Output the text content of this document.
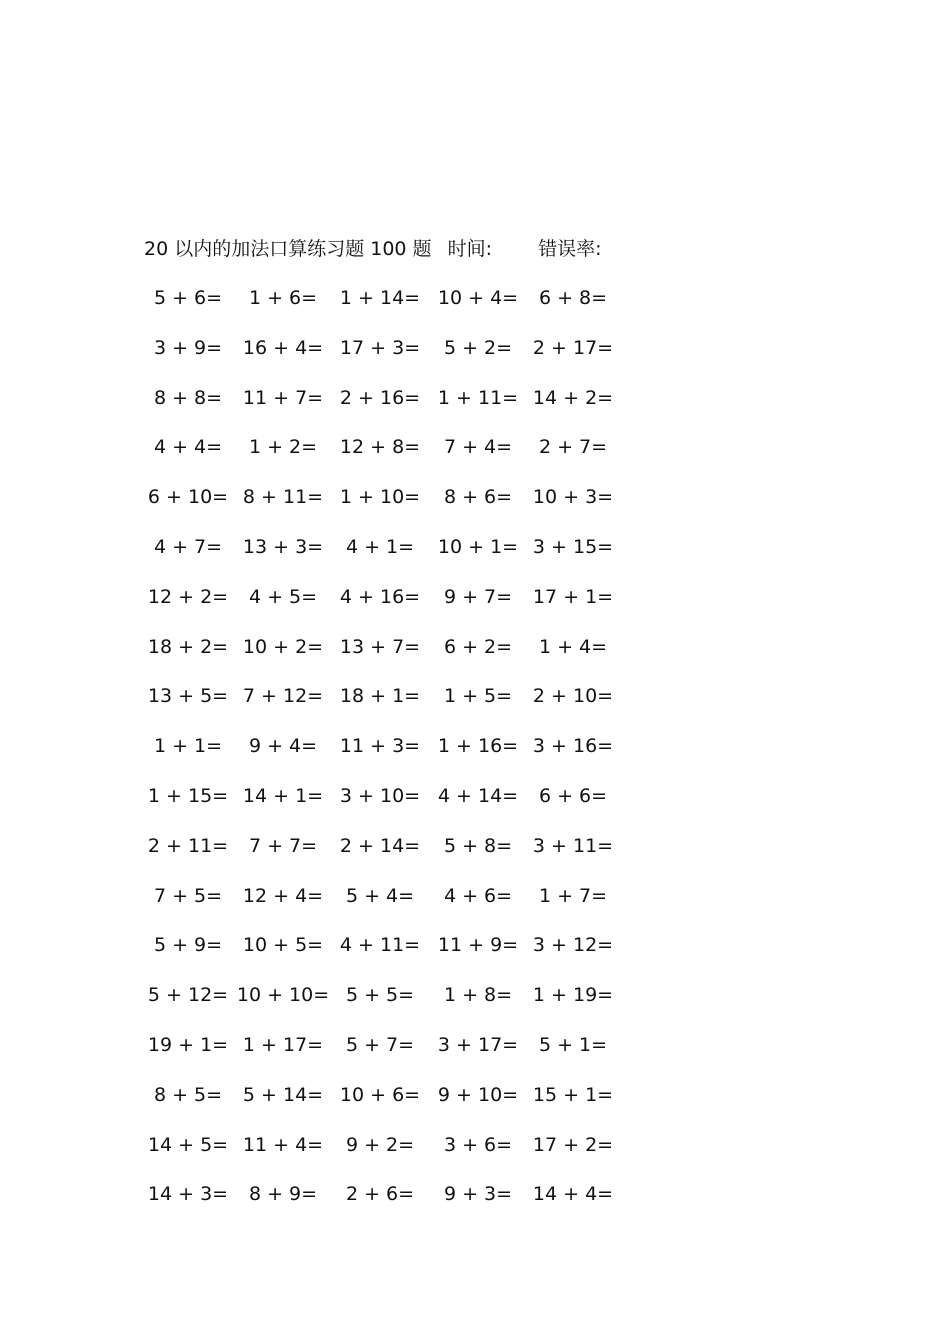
20 以内的加法口算练习题 100 题 时间: 错误率:
5 + 6=	1 + 6=	1 + 14= 10 + 4=	6 + 8=
3 + 9=	16 + 4= 17 + 3=	5 + 2=	2 + 17=
8 + 8=	11 + 7= 2 + 16= 1 + 11= 14 + 2=
4 + 4=	1 + 2=	12 + 8=	7 + 4=	2 + 7=
6 + 10= 8 + 11= 1 + 10=	8 + 6=	10 + 3=
4 + 7=	13 + 3=	4 + 1=	10 + 1= 3 + 15=
12 + 2=	4 + 5=	4 + 16=	9 + 7=	17 + 1=
18 + 2= 10 + 2= 13 + 7=	6 + 2=	1 + 4=
13 + 5= 7 + 12= 18 + 1=	1 + 5=	2 + 10=
1 + 1=	9 + 4=	11 + 3= 1 + 16= 3 + 16=
1 + 15= 14 + 1= 3 + 10= 4 + 14=	6 + 6=
2 + 11=	7 + 7=	2 + 14=	5 + 8=	3 + 11=
7 + 5=	12 + 4=	5 + 4=	4 + 6=	1 + 7=
5 + 9=	10 + 5= 4 + 11= 11 + 9= 3 + 12=
5 + 12= 10 + 10= 5 + 5=	1 + 8=	1 + 19=
19 + 1= 1 + 17=	5 + 7=	3 + 17=	5 + 1=
8 + 5=	5 + 14= 10 + 6= 9 + 10= 15 + 1=
14 + 5= 11 + 4=	9 + 2=	3 + 6=	17 + 2=
14 + 3=	8 + 9=	2 + 6=	9 + 3=	14 + 4=
